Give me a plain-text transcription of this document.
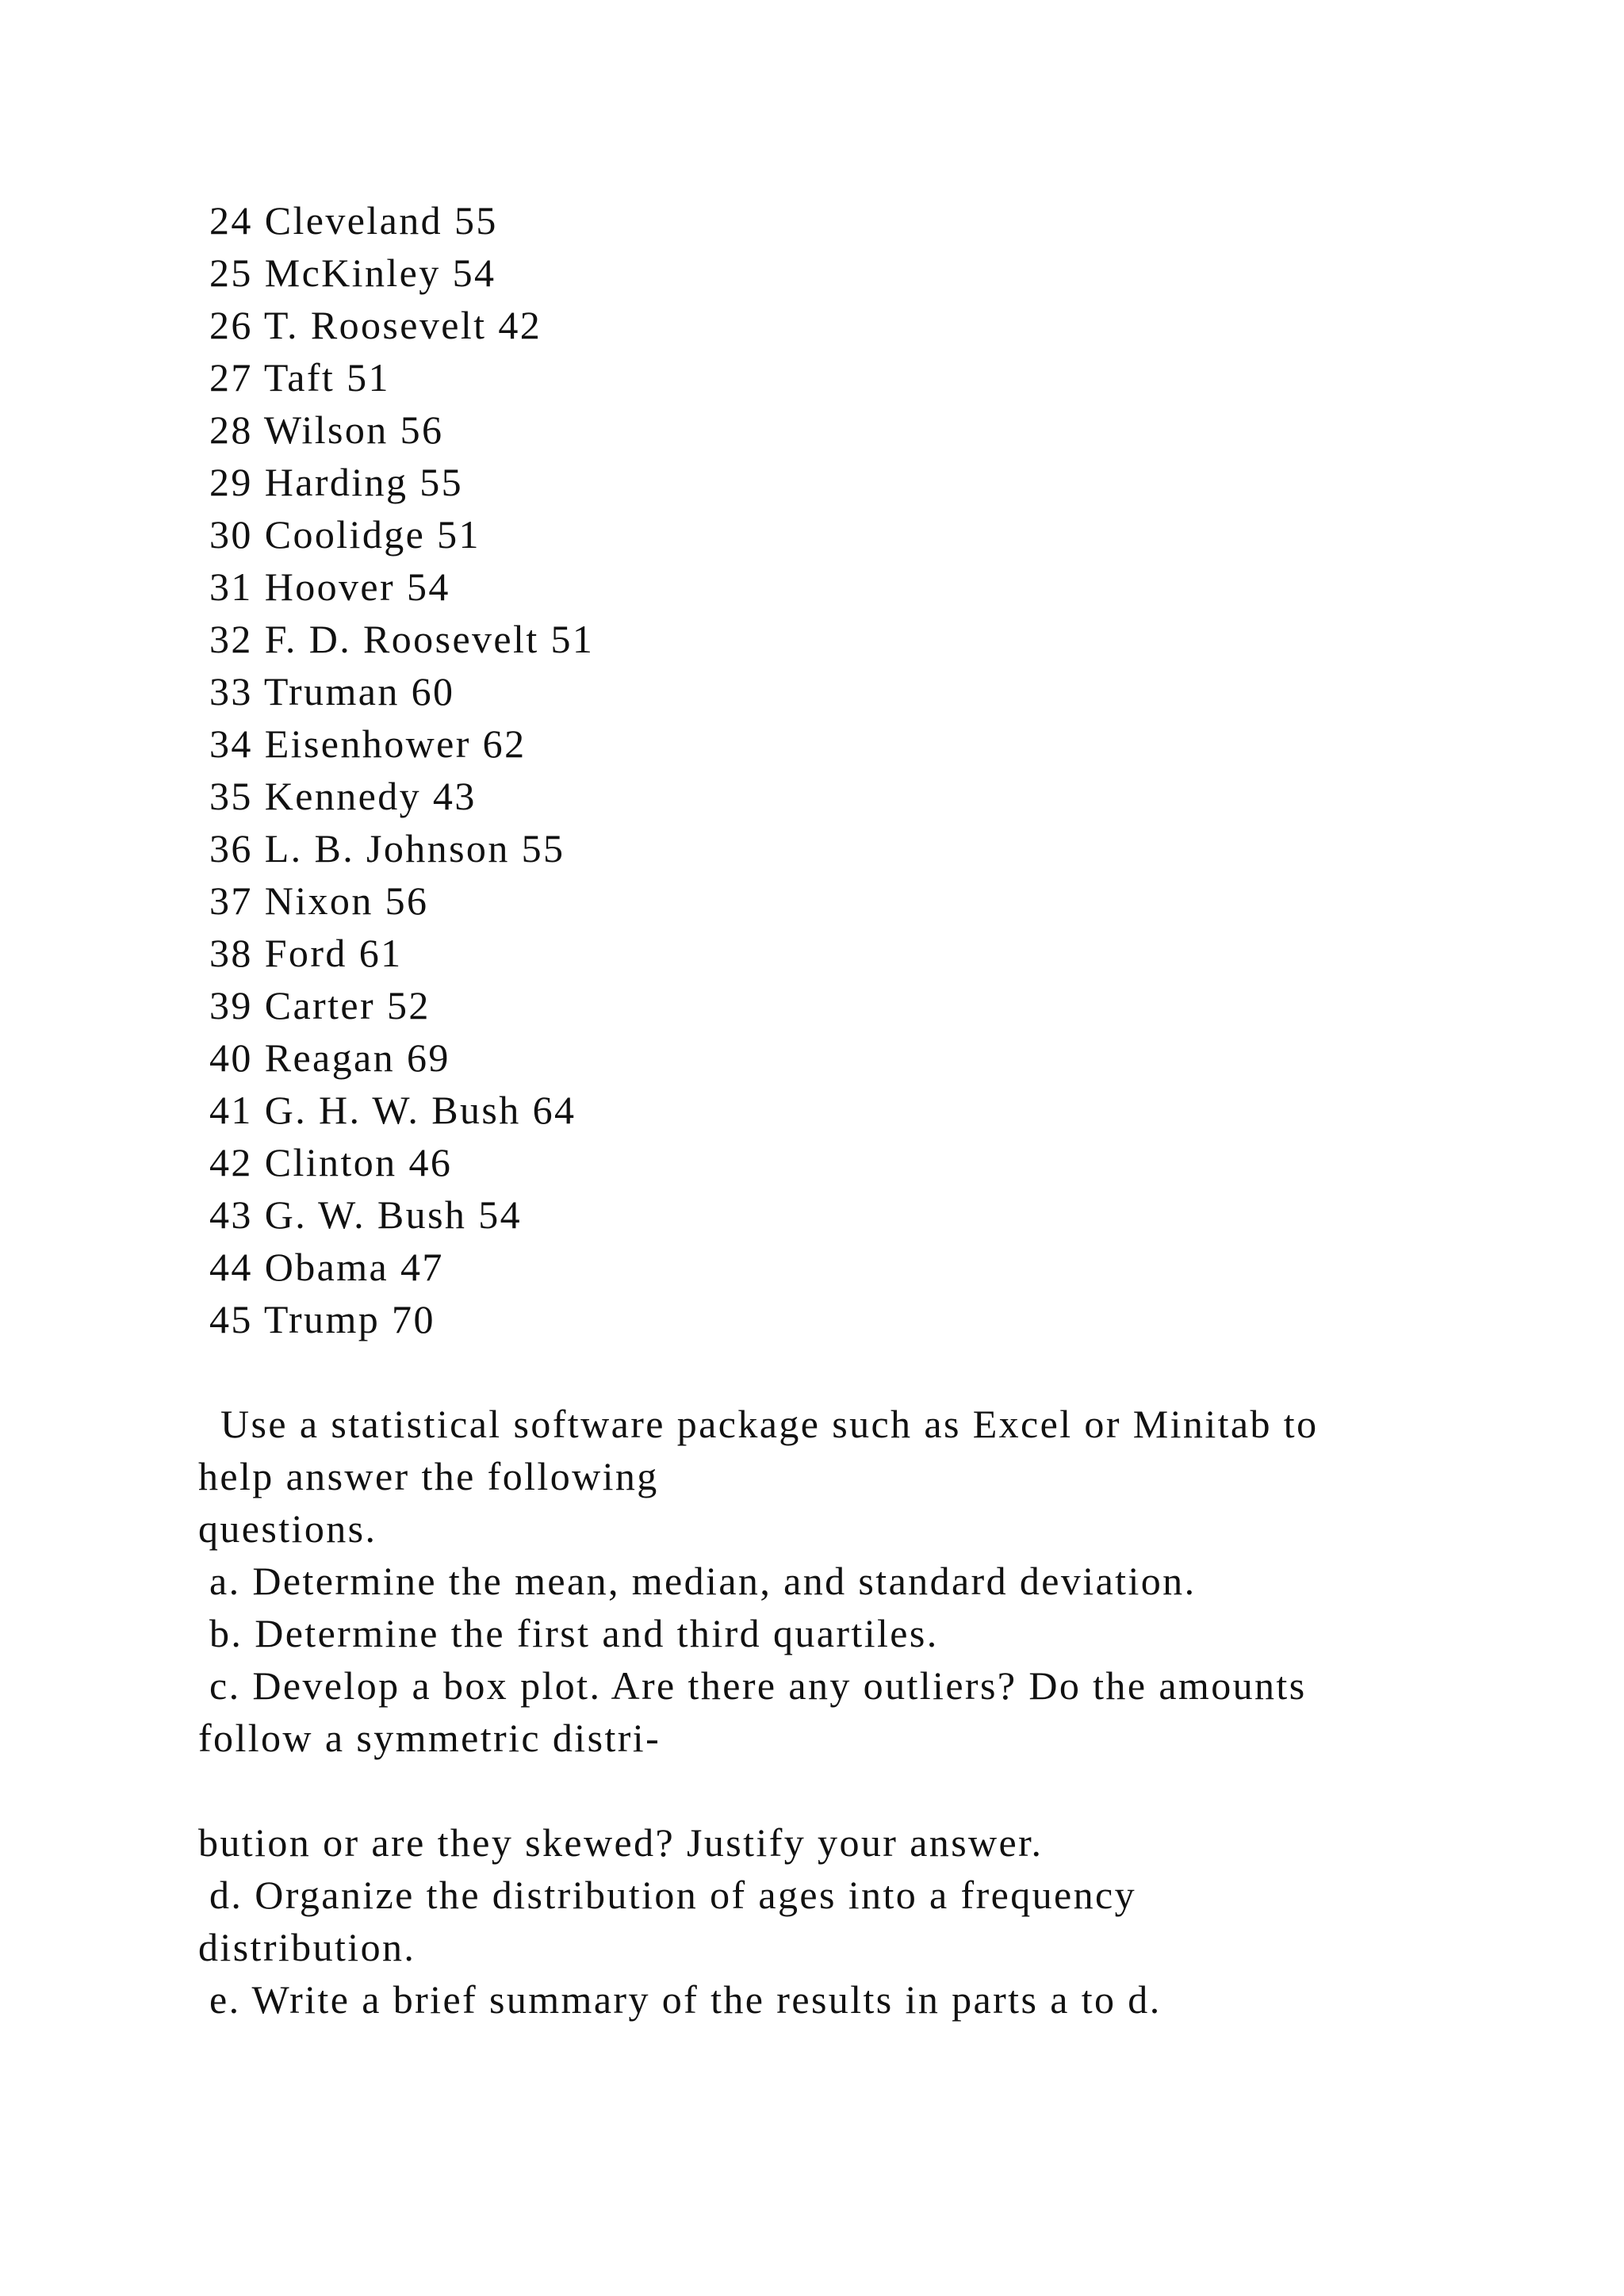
24 Cleveland 55
25 McKinley 54
26 T. Roosevelt 42
27 Taft 51
28 Wilson 56
29 Harding 55
30 Coolidge 51
31 Hoover 54
32 F. D. Roosevelt 51
33 Truman 60
34 Eisenhower 62
35 Kennedy 43
36 L. B. Johnson 55
37 Nixon 56
38 Ford 61
39 Carter 52
40 Reagan 69
41 G. H. W. Bush 64
42 Clinton 46
43 G. W. Bush 54
44 Obama 47
45 Trump 70
Use a statistical software package such as Excel or Minitab to
help answer the following
questions.
a. Determine the mean, median, and standard deviation.
b. Determine the first and third quartiles.
c. Develop a box plot. Are there any outliers? Do the amounts
follow a symmetric distri-
bution or are they skewed? Justify your answer.
d. Organize the distribution of ages into a frequency
distribution.
e. Write a brief summary of the results in parts a to d.
